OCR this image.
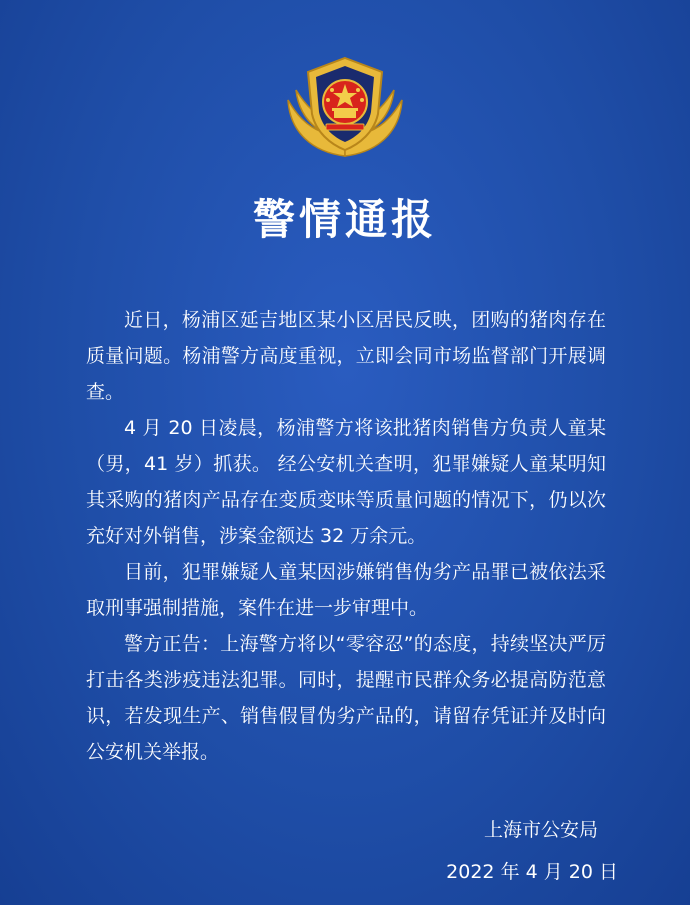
警情通报

近日，杨浦区延吉地区某小区居民反映，团购的猪肉存在质量问题。杨浦警方高度重视，立即会同市场监督部门开展调查。

4 月 20 日凌晨，杨浦警方将该批猪肉销售方负责人童某（男，41 岁）抓获。 经公安机关查明，犯罪嫌疑人童某明知其采购的猪肉产品存在变质变味等质量问题的情况下，仍以次充好对外销售，涉案金额达 32 万余元。

目前，犯罪嫌疑人童某因涉嫌销售伪劣产品罪已被依法采取刑事强制措施，案件在进一步审理中。

警方正告：上海警方将以“零容忍”的态度，持续坚决严厉打击各类涉疫违法犯罪。同时，提醒市民群众务必提高防范意识，若发现生产、销售假冒伪劣产品的，请留存凭证并及时向公安机关举报。

上海市公安局
2022 年 4 月 20 日
